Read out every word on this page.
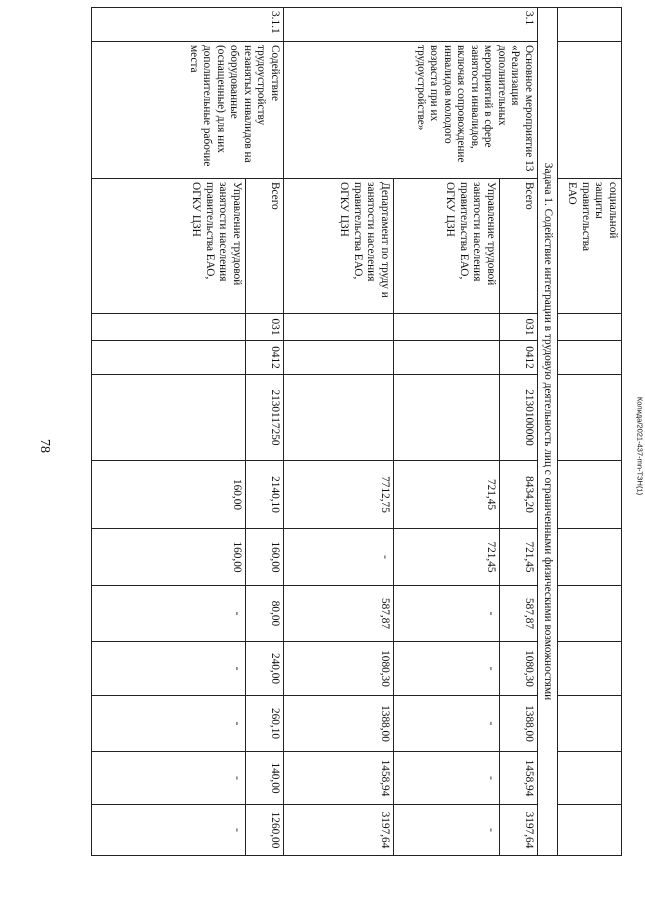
78	Колида/2021-437-mn-ТЗН(1)
		социальной
защиты
правительства
ЕАО										
Задача 1. Содействие интеграции в трудовую деятельность лиц с ограниченными физическими возможностями												
3.1	Основное мероприятие 13 «Реализация дополнительных мероприятий в сфере занятости инвалидов, включая сопровождение инвалидов молодого возраста при их трудоустройстве»	Всего	031	0412	2130100000	8434,20	721,45	587,87	1080,30	1388,00	1458,94	3197,64
		Управление трудовой занятости населения правительства ЕАО, ОГКУ ЦЗН				721,45	721,45	-	-	-	-	-
		Департамент по труду и занятости населения правительства ЕАО, ОГКУ ЦЗН				7712,75	-	587,87	1080,30	1388,00	1458,94	3197,64
3.1.1	Содействие трудоустройству незанятых инвалидов на оборудованные (оснащенные) для них дополнительные рабочие места	Всего	031	0412	2130117250	2140,10	160,00	80,00	240,00	260,10	140,00	1260,00
		Управление трудовой занятости населения правительства ЕАО, ОГКУ ЦЗН				160,00	160,00	-	-	-	-	-
